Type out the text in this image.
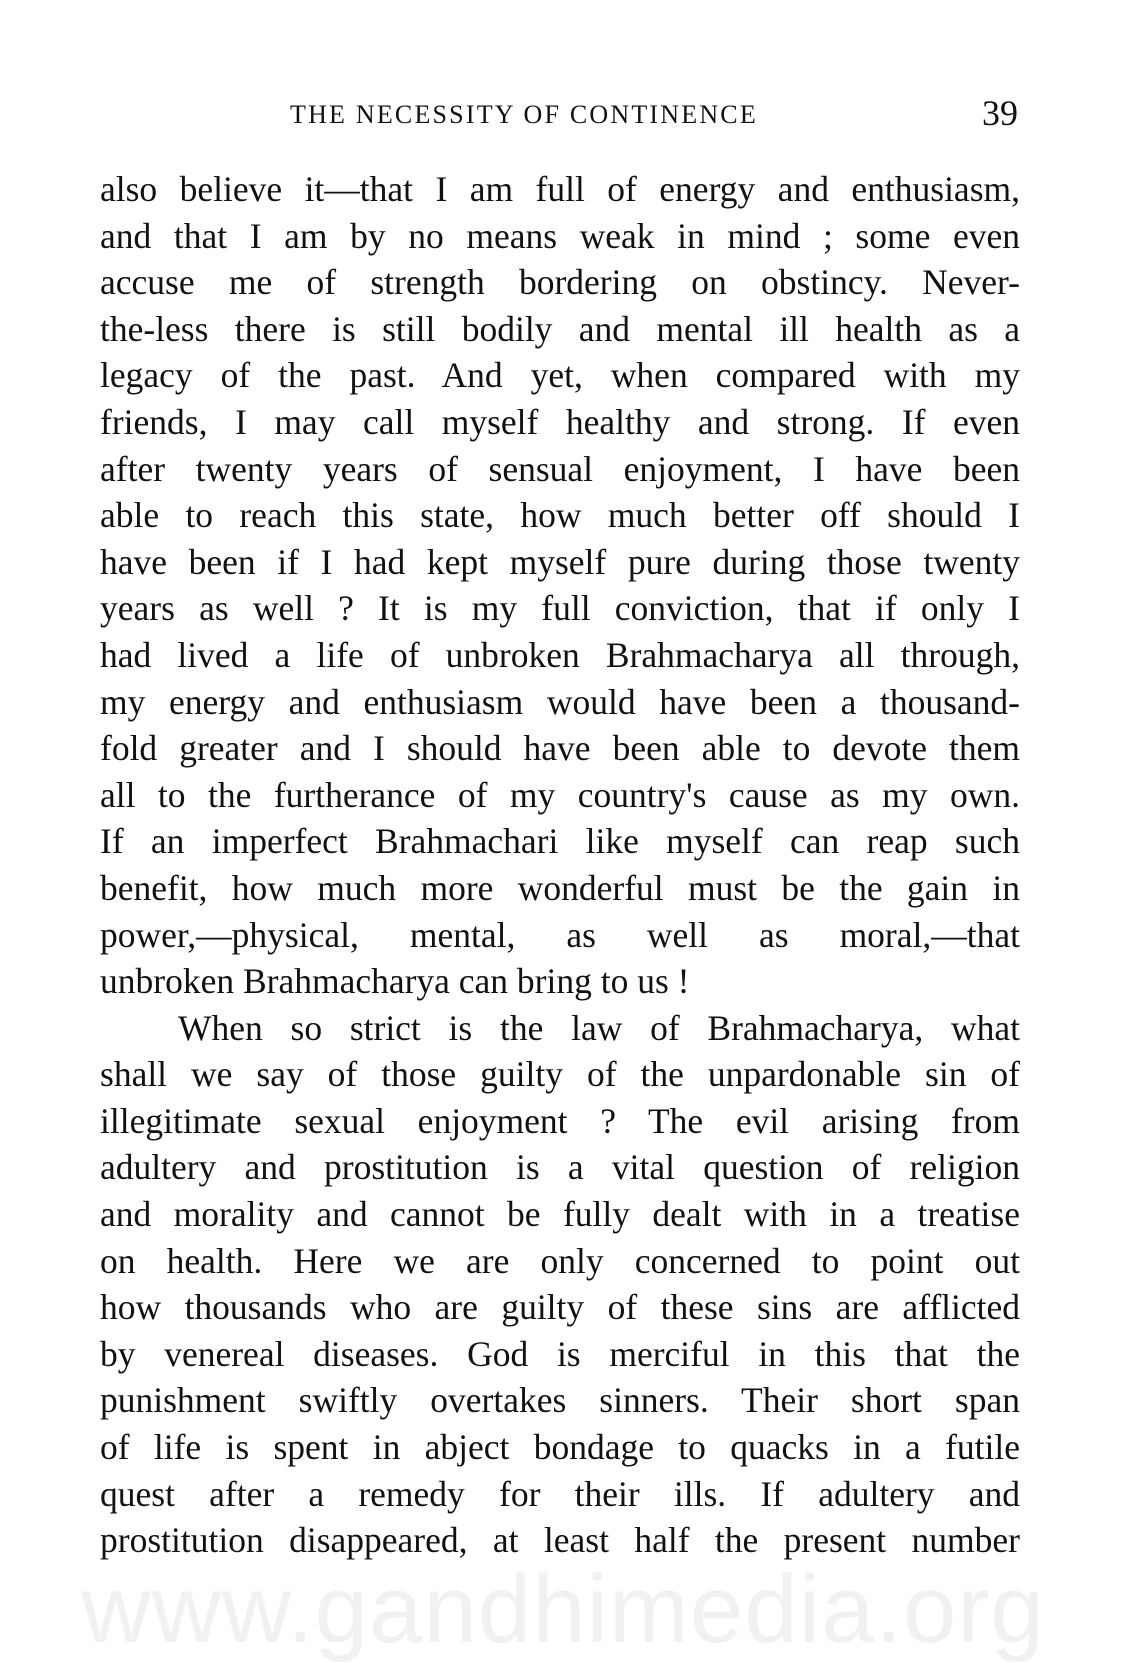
THE NECESSITY OF CONTINENCE	39
also believe it—that I am full of energy and enthusiasm,
and that I am by no means weak in mind ; some even
accuse me of strength bordering on obstincy. Never-
the-less there is still bodily and mental ill health as a
legacy of the past. And yet, when compared with my
friends, I may call myself healthy and strong. If even
after twenty years of sensual enjoyment, I have been
able to reach this state, how much better off should I
have been if I had kept myself pure during those twenty
years as well ? It is my full conviction, that if only I
had lived a life of unbroken Brahmacharya all through,
my energy and enthusiasm would have been a thousand-
fold greater and I should have been able to devote them
all to the furtherance of my country's cause as my own.
If an imperfect Brahmachari like myself can reap such
benefit, how much more wonderful must be the gain in
power,—physical, mental, as well as moral,—that
unbroken Brahmacharya can bring to us !
When so strict is the law of Brahmacharya, what
shall we say of those guilty of the unpardonable sin of
illegitimate sexual enjoyment ? The evil arising from
adultery and prostitution is a vital question of religion
and morality and cannot be fully dealt with in a treatise
on health. Here we are only concerned to point out
how thousands who are guilty of these sins are afflicted
by venereal diseases. God is merciful in this that the
punishment swiftly overtakes sinners. Their short span
of life is spent in abject bondage to quacks in a futile
quest after a remedy for their ills. If adultery and
prostitution disappeared, at least half the present number
www.gandhimedia.org
